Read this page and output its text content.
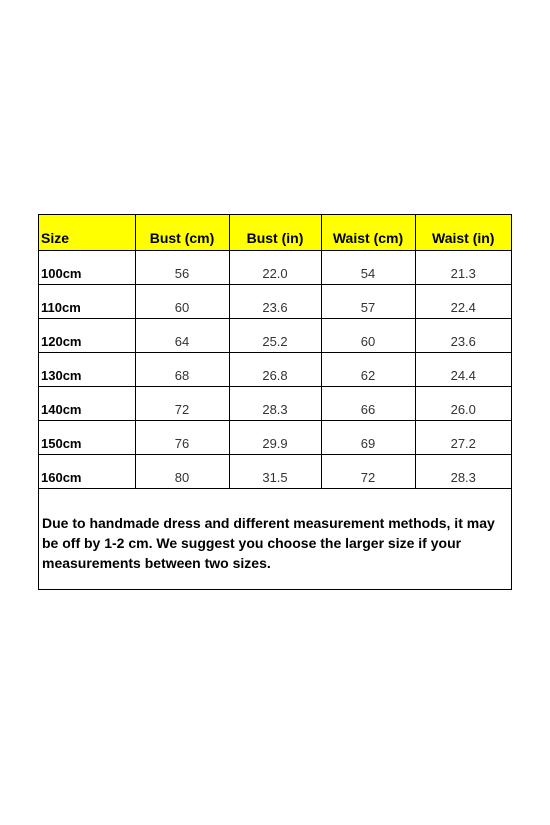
Size	Bust (cm)	Bust (in)	Waist (cm)	Waist (in)
100cm	56	22.0	54	21.3
110cm	60	23.6	57	22.4
120cm	64	25.2	60	23.6
130cm	68	26.8	62	24.4
140cm	72	28.3	66	26.0
150cm	76	29.9	69	27.2
160cm	80	31.5	72	28.3
Due to handmade dress and different measurement methods, it may be off by 1-2 cm. We suggest you choose the larger size if your measurements between two sizes.
